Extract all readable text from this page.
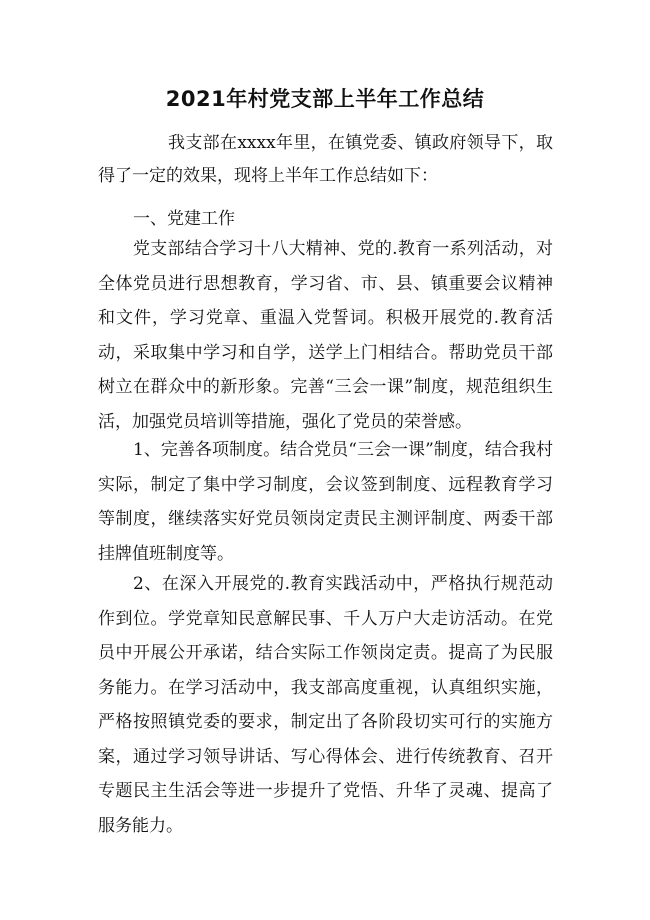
2021年村党支部上半年工作总结

我支部在xxxx年里，在镇党委、镇政府领导下，取得了一定的效果，现将上半年工作总结如下：

一、党建工作

党支部结合学习十八大精神、党的.教育一系列活动，对全体党员进行思想教育，学习省、市、县、镇重要会议精神和文件，学习党章、重温入党誓词。积极开展党的.教育活动，采取集中学习和自学，送学上门相结合。帮助党员干部树立在群众中的新形象。完善“三会一课”制度，规范组织生活，加强党员培训等措施，强化了党员的荣誉感。

1、完善各项制度。结合党员“三会一课”制度，结合我村实际，制定了集中学习制度，会议签到制度、远程教育学习等制度，继续落实好党员领岗定责民主测评制度、两委干部挂牌值班制度等。

2、在深入开展党的.教育实践活动中，严格执行规范动作到位。学党章知民意解民事、千人万户大走访活动。在党员中开展公开承诺，结合实际工作领岗定责。提高了为民服务能力。在学习活动中，我支部高度重视，认真组织实施，严格按照镇党委的要求，制定出了各阶段切实可行的实施方案，通过学习领导讲话、写心得体会、进行传统教育、召开专题民主生活会等进一步提升了党悟、升华了灵魂、提高了服务能力。
